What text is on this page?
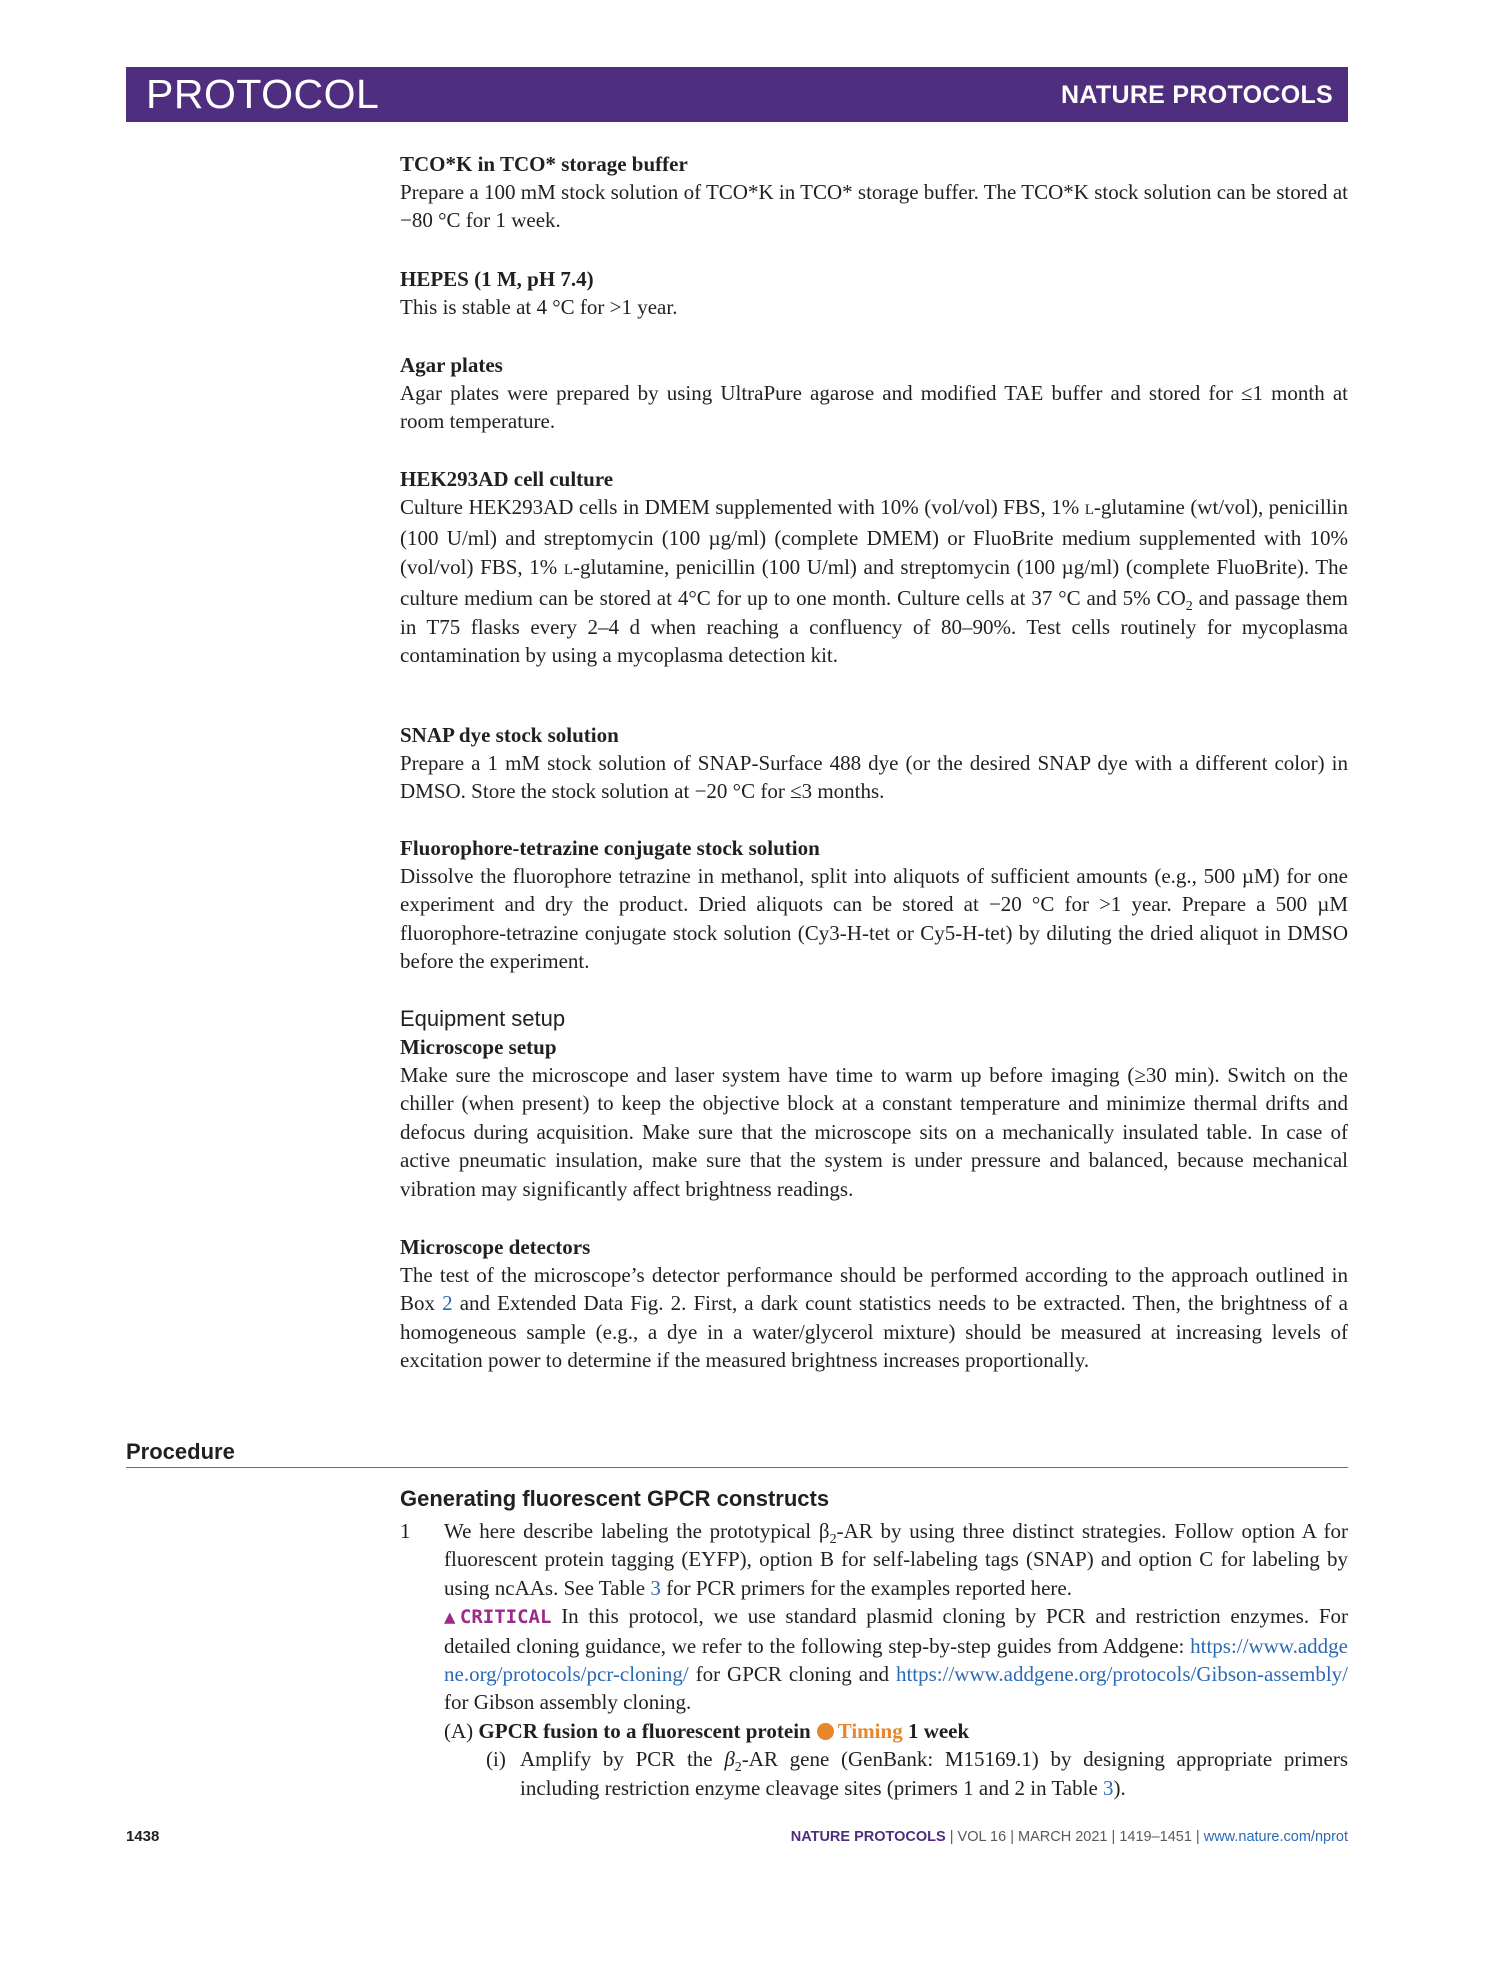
PROTOCOL	NATURE PROTOCOLS
TCO*K in TCO* storage buffer
Prepare a 100 mM stock solution of TCO*K in TCO* storage buffer. The TCO*K stock solution can be stored at −80 °C for 1 week.
HEPES (1 M, pH 7.4)
This is stable at 4 °C for >1 year.
Agar plates
Agar plates were prepared by using UltraPure agarose and modified TAE buffer and stored for ≤1 month at room temperature.
HEK293AD cell culture
Culture HEK293AD cells in DMEM supplemented with 10% (vol/vol) FBS, 1% L-glutamine (wt/vol), penicillin (100 U/ml) and streptomycin (100 µg/ml) (complete DMEM) or FluoBrite medium supplemented with 10% (vol/vol) FBS, 1% L-glutamine, penicillin (100 U/ml) and streptomycin (100 µg/ml) (complete FluoBrite). The culture medium can be stored at 4°C for up to one month. Culture cells at 37 °C and 5% $CO_2$ and passage them in T75 flasks every 2–4 d when reaching a confluency of 80–90%. Test cells routinely for mycoplasma contamination by using a mycoplasma detection kit.
SNAP dye stock solution
Prepare a 1 mM stock solution of SNAP-Surface 488 dye (or the desired SNAP dye with a different color) in DMSO. Store the stock solution at −20 °C for ≤3 months.
Fluorophore-tetrazine conjugate stock solution
Dissolve the fluorophore tetrazine in methanol, split into aliquots of sufficient amounts (e.g., 500 µM) for one experiment and dry the product. Dried aliquots can be stored at −20 °C for >1 year. Prepare a 500 µM fluorophore-tetrazine conjugate stock solution (Cy3-H-tet or Cy5-H-tet) by diluting the dried aliquot in DMSO before the experiment.
Equipment setup
Microscope setup
Make sure the microscope and laser system have time to warm up before imaging (≥30 min). Switch on the chiller (when present) to keep the objective block at a constant temperature and minimize thermal drifts and defocus during acquisition. Make sure that the microscope sits on a mechanically insulated table. In case of active pneumatic insulation, make sure that the system is under pressure and balanced, because mechanical vibration may significantly affect brightness readings.
Microscope detectors
The test of the microscope’s detector performance should be performed according to the approach outlined in Box 2 and Extended Data Fig. 2. First, a dark count statistics needs to be extracted. Then, the brightness of a homogeneous sample (e.g., a dye in a water/glycerol mixture) should be measured at increasing levels of excitation power to determine if the measured brightness increases proportionally.
Procedure
Generating fluorescent GPCR constructs
1 We here describe labeling the prototypical $\beta_2-AR$ by using three distinct strategies. Follow option A for fluorescent protein tagging (EYFP), option B for self-labeling tags (SNAP) and option C for labeling by using ncAAs. See Table 3 for PCR primers for the examples reported here.
▲CRITICAL In this protocol, we use standard plasmid cloning by PCR and restriction enzymes. For detailed cloning guidance, we refer to the following step-by-step guides from Addgene: https://www.addgene.org/protocols/pcr-cloning/ for GPCR cloning and https://www.addgene.org/protocols/Gibson-assembly/ for Gibson assembly cloning.
(A) GPCR fusion to a fluorescent protein Timing 1 week
(i) Amplify by PCR the $\beta_2-AR$ gene (GenBank: M15169.1) by designing appropriate primers including restriction enzyme cleavage sites (primers 1 and 2 in Table 3).
1438	NATURE PROTOCOLS | VOL 16 | MARCH 2021 | 1419–1451 | www.nature.com/nprot
